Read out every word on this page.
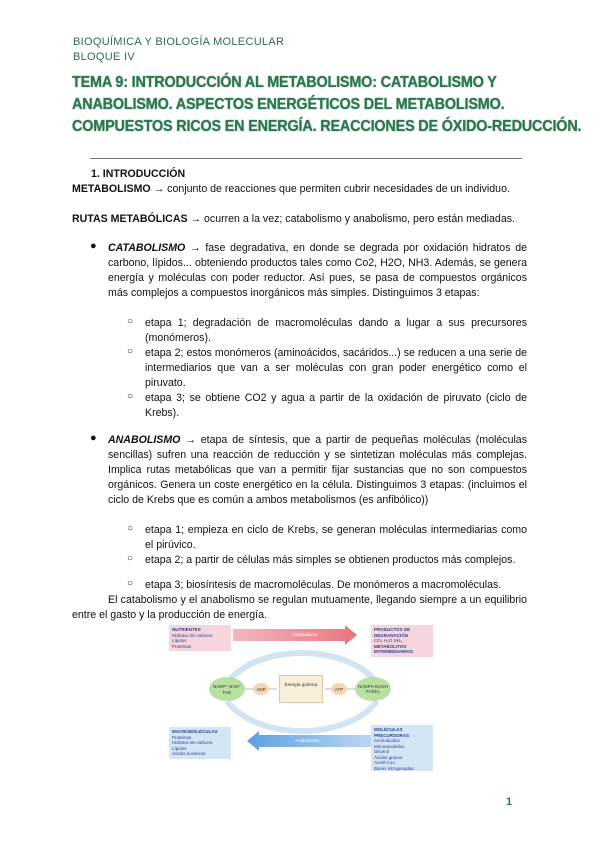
BIOQUÍMICA Y BIOLOGÍA MOLECULAR
BLOQUE IV
TEMA 9: INTRODUCCIÓN AL METABOLISMO: CATABOLISMO Y
ANABOLISMO. ASPECTOS ENERGÉTICOS DEL METABOLISMO.
COMPUESTOS RICOS EN ENERGÍA. REACCIONES DE ÓXIDO-REDUCCIÓN.
1. INTRODUCCIÓN
METABOLISMO → conjunto de reacciones que permiten cubrir necesidades de un individuo.
RUTAS METABÓLICAS → ocurren a la vez; catabolismo y anabolismo, pero están mediadas.
● CATABOLISMO → fase degradativa, en donde se degrada por oxidación hidratos de carbono, lípidos... obteniendo productos tales como Co2, H2O, NH3. Además, se genera energía y moléculas con poder reductor. Así pues, se pasa de compuestos orgánicos más complejos a compuestos inorgánicos más simples. Distinguimos 3 etapas:
○ etapa 1; degradación de macromoléculas dando a lugar a sus precursores (monómeros).
○ etapa 2; estos monómeros (aminoácidos, sacáridos...) se reducen a una serie de intermediarios que van a ser moléculas con gran poder energético como el piruvato.
○ etapa 3; se obtiene CO2 y agua a partir de la oxidación de piruvato (ciclo de Krebs).
● ANABOLISMO → etapa de síntesis, que a partir de pequeñas moléculas (moléculas sencillas) sufren una reacción de reducción y se sintetizan moléculas más complejas. Implica rutas metabólicas que van a permitir fijar sustancias que no son compuestos orgánicos. Genera un coste energético en la célula. Distinguimos 3 etapas: (incluimos el ciclo de Krebs que es común a ambos metabolismos (es anfibólico))
○ etapa 1; empieza en ciclo de Krebs, se generan moléculas intermediarias como el pirúvico.
○ etapa 2; a partir de células más simples se obtienen productos más complejos.
○ etapa 3; biosíntesis de macromoléculas. De monómeros a macromoléculas.
El catabolismo y el anabolismo se regulan mutuamente, llegando siempre a un equilibrio entre el gasto y la producción de energía.
NUTRIENTES
Hidratos de carbono
Lípidos
Proteínas
Catabolismo
PRODUCTOS DE DEGRADACIÓN
CO₂ H₂O NH₃
METABOLITOS INTERMEDIARIOS
NADP⁺ NAD⁺ FAD
ADP
Energía química
ATP	NADPH NADH FADH₂
MACROMOLÉCULAS
Proteínas
Hidratos de carbono
Lípidos
Ácidos nucleicos
Anabolismo
MOLÉCULAS PRECURSORAS
Aminoácidos
Monosacáridos
Glicerol
Ácidos grasos
Acetil-CoA
Bases nitrogenadas
1
